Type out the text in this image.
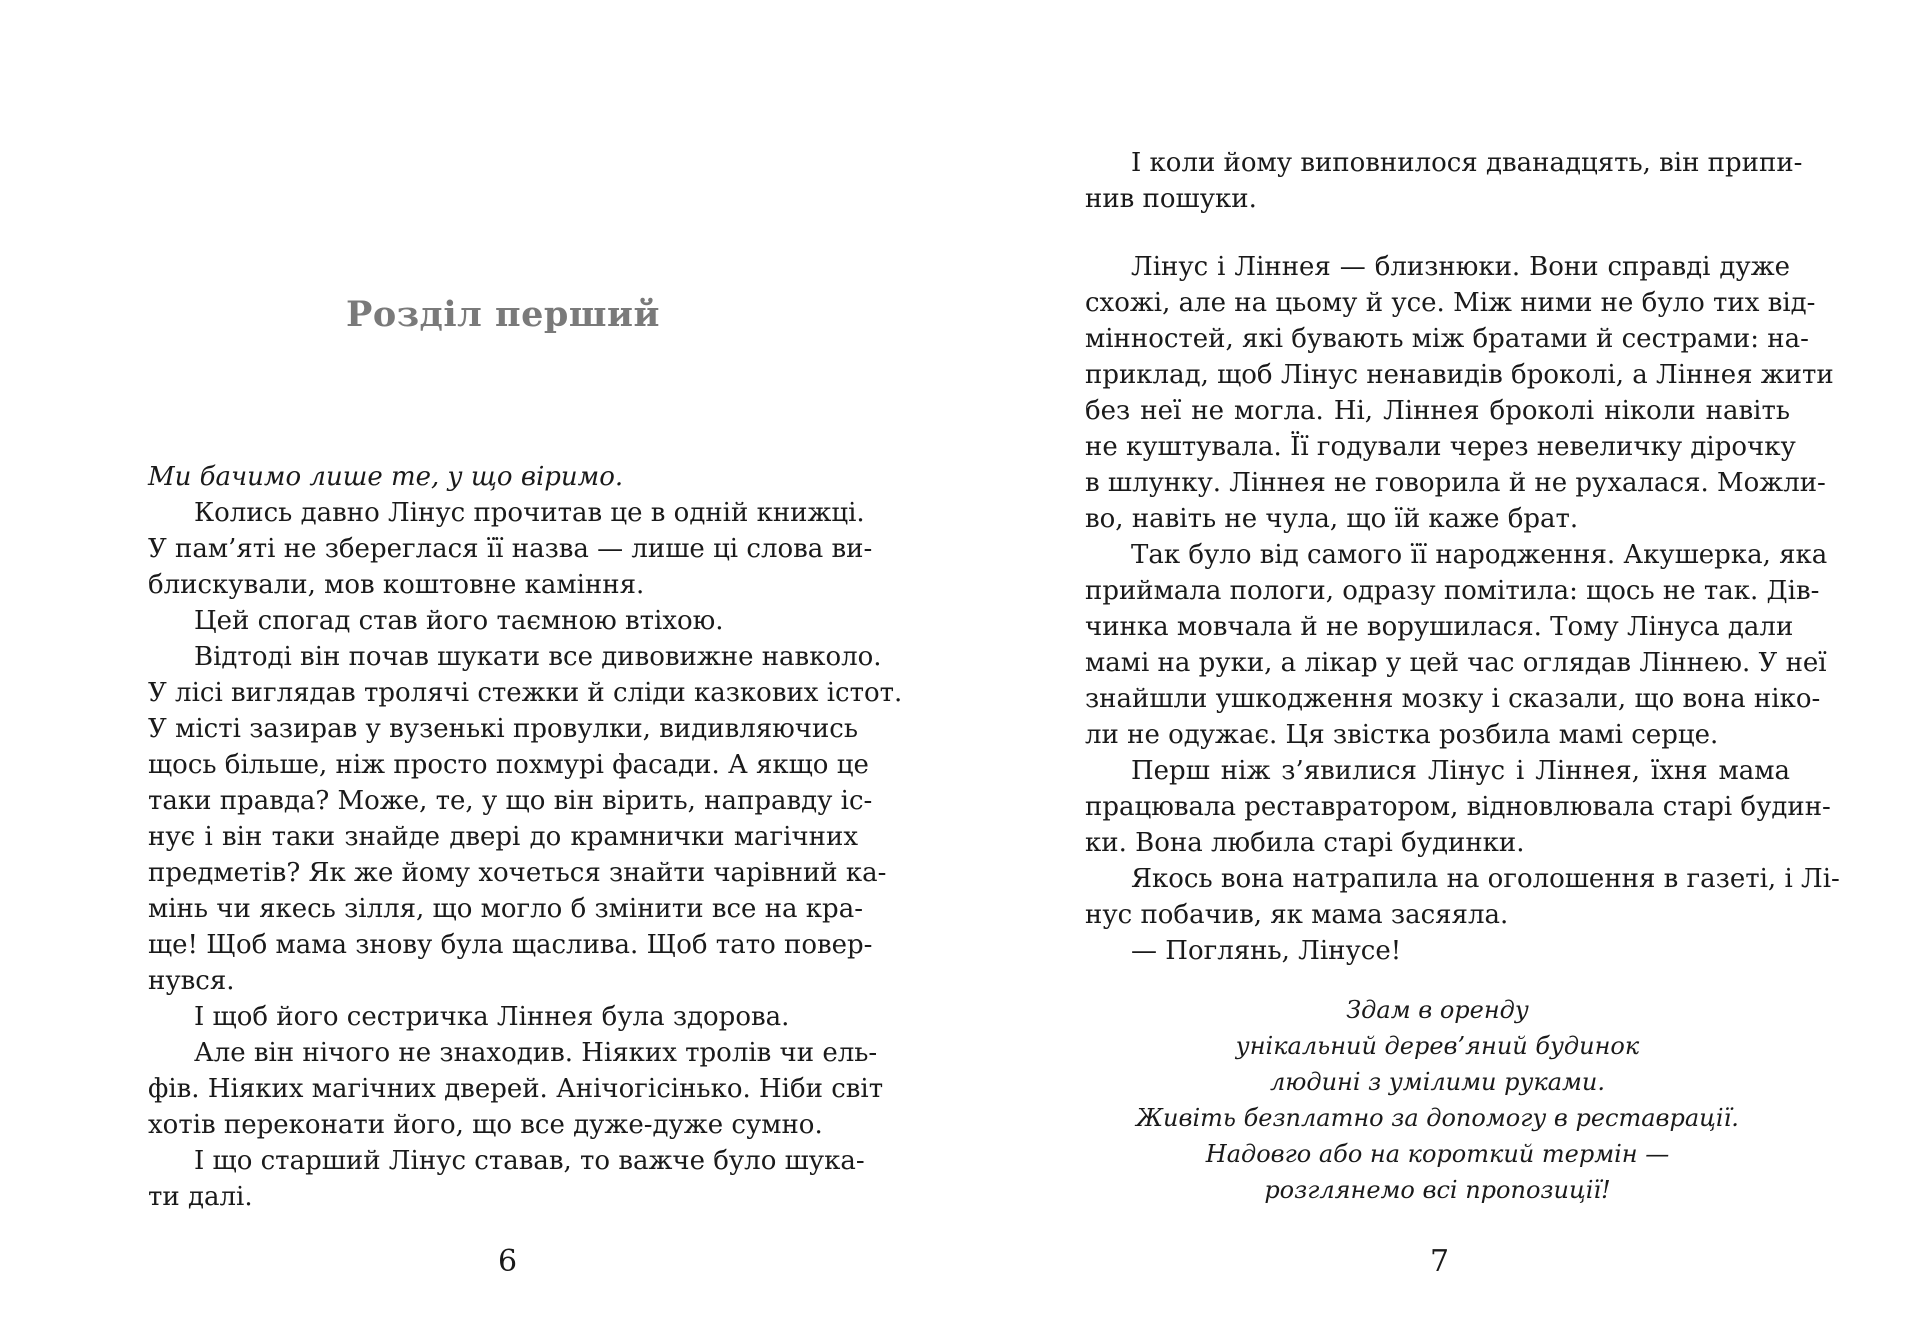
Розділ перший
Ми бачимо лише те, у що віримо.
Колись давно Лінус прочитав це в одній книжці.
У пам’яті не збереглася її назва — лише ці слова ви-
блискували, мов коштовне каміння.
Цей спогад став його таємною втіхою.
Відтоді він почав шукати все дивовижне навколо.
У лісі виглядав тролячі стежки й сліди казкових істот.
У місті зазирав у вузенькі провулки, видивляючись
щось більше, ніж просто похмурі фасади. А якщо це
таки правда? Може, те, у що він вірить, направду іс-
нує і він таки знайде двері до крамнички магічних
предметів? Як же йому хочеться знайти чарівний ка-
мінь чи якесь зілля, що могло б змінити все на кра-
ще! Щоб мама знову була щаслива. Щоб тато повер-
нувся.
І щоб його сестричка Ліннея була здорова.
Але він нічого не знаходив. Ніяких тролів чи ель-
фів. Ніяких магічних дверей. Анічогісінько. Ніби світ
хотів переконати його, що все дуже-дуже сумно.
І що старший Лінус ставав, то важче було шука-
ти далі.
6
І коли йому виповнилося дванадцять, він припи-
нив пошуки.
Лінус і Ліннея — близнюки. Вони справді дуже
схожі, але на цьому й усе. Між ними не було тих від-
мінностей, які бувають між братами й сестрами: на-
приклад, щоб Лінус ненавидів броколі, а Ліннея жити
без неї не могла. Ні, Ліннея броколі ніколи навіть
не куштувала. Її годували через невеличку дірочку
в шлунку. Ліннея не говорила й не рухалася. Можли-
во, навіть не чула, що їй каже брат.
Так було від самого її народження. Акушерка, яка
приймала пологи, одразу помітила: щось не так. Дів-
чинка мовчала й не ворушилася. Тому Лінуса дали
мамі на руки, а лікар у цей час оглядав Ліннею. У неї
знайшли ушкодження мозку і сказали, що вона ніко-
ли не одужає. Ця звістка розбила мамі серце.
Перш ніж з’явилися Лінус і Ліннея, їхня мама
працювала реставратором, відновлювала старі будин-
ки. Вона любила старі будинки.
Якось вона натрапила на оголошення в газеті, і Лі-
нус побачив, як мама засяяла.
— Поглянь, Лінусе!
Здам в оренду
унікальний дерев’яний будинок
людині з умілими руками.
Живіть безплатно за допомогу в реставрації.
Надовго або на короткий термін —
розглянемо всі пропозиції!
7
